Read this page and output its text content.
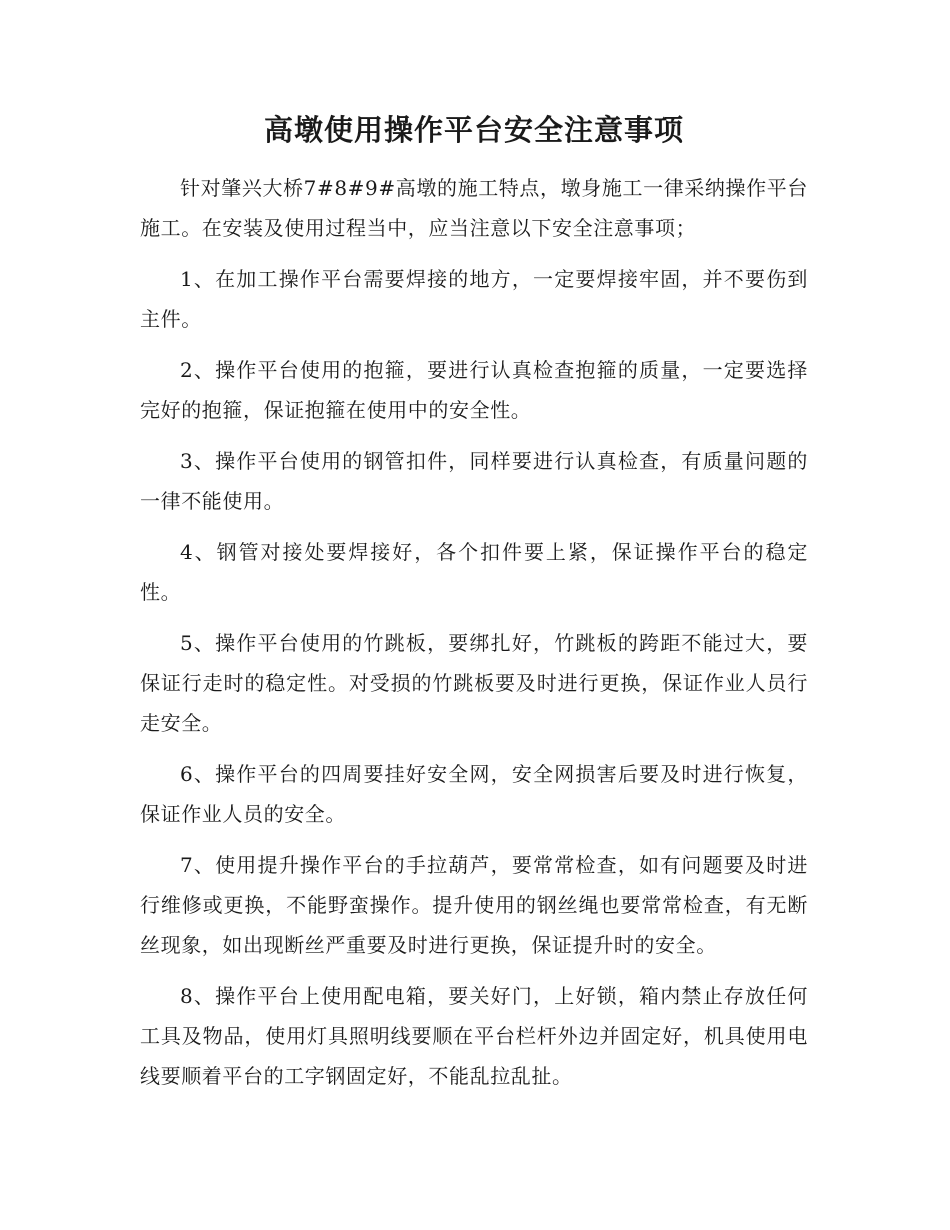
高墩使用操作平台安全注意事项

针对肇兴大桥7#8#9#高墩的施工特点，墩身施工一律采纳操作平台施工。在安装及使用过程当中，应当注意以下安全注意事项；

1、在加工操作平台需要焊接的地方，一定要焊接牢固，并不要伤到主件。

2、操作平台使用的抱箍，要进行认真检查抱箍的质量，一定要选择完好的抱箍，保证抱箍在使用中的安全性。

3、操作平台使用的钢管扣件，同样要进行认真检查，有质量问题的一律不能使用。

4、钢管对接处要焊接好，各个扣件要上紧，保证操作平台的稳定性。

5、操作平台使用的竹跳板，要绑扎好，竹跳板的跨距不能过大，要保证行走时的稳定性。对受损的竹跳板要及时进行更换，保证作业人员行走安全。

6、操作平台的四周要挂好安全网，安全网损害后要及时进行恢复，保证作业人员的安全。

7、使用提升操作平台的手拉葫芦，要常常检查，如有问题要及时进行维修或更换，不能野蛮操作。提升使用的钢丝绳也要常常检查，有无断丝现象，如出现断丝严重要及时进行更换，保证提升时的安全。

8、操作平台上使用配电箱，要关好门，上好锁，箱内禁止存放任何工具及物品，使用灯具照明线要顺在平台栏杆外边并固定好，机具使用电线要顺着平台的工字钢固定好，不能乱拉乱扯。
